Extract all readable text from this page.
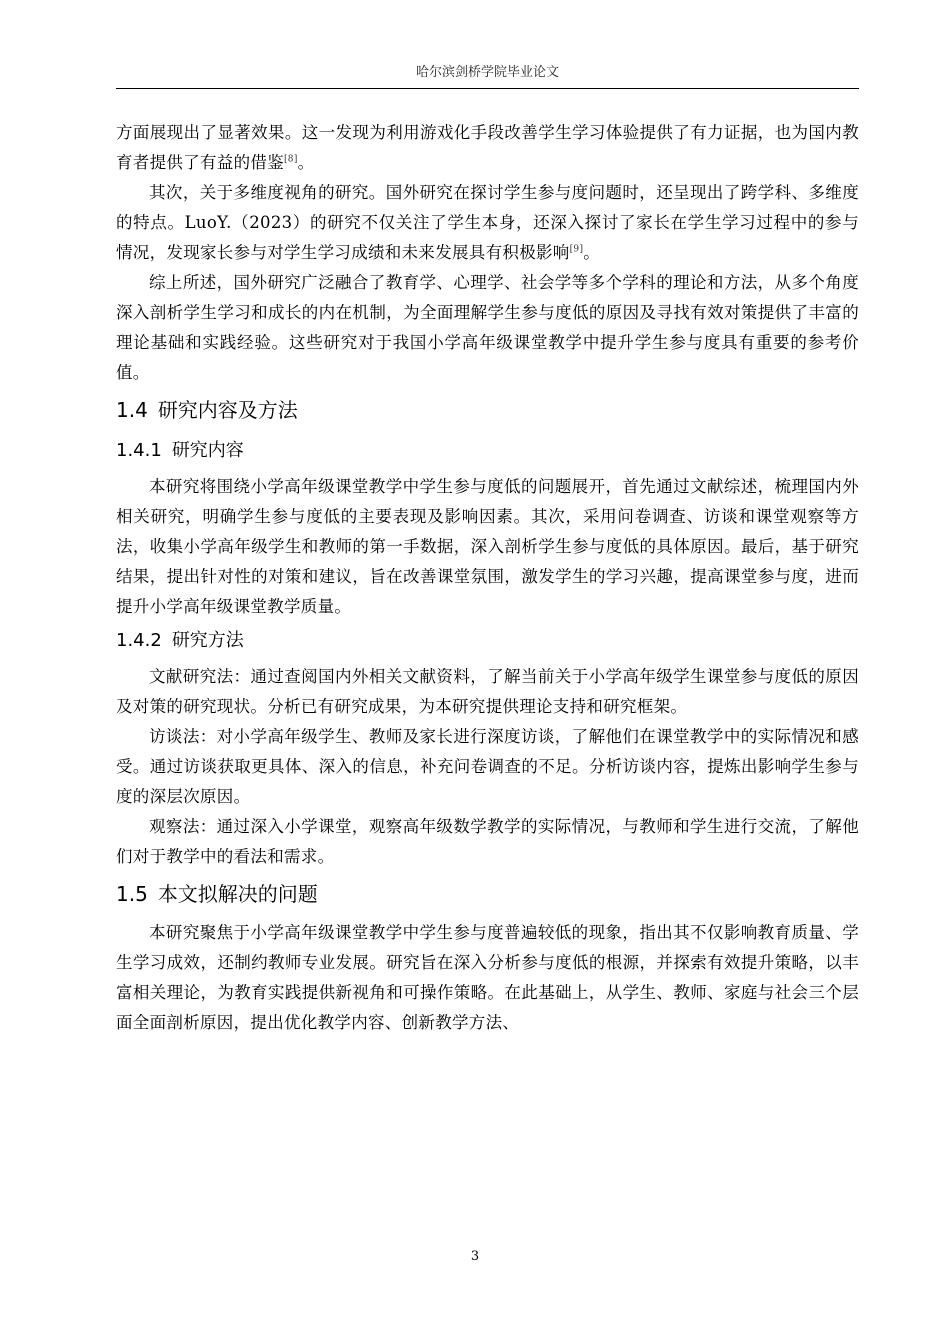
哈尔滨剑桥学院毕业论文

方面展现出了显著效果。这一发现为利用游戏化手段改善学生学习体验提供了有力证据，也为国内教育者提供了有益的借鉴[8]。

其次，关于多维度视角的研究。国外研究在探讨学生参与度问题时，还呈现出了跨学科、多维度的特点。LuoY.（2023）的研究不仅关注了学生本身，还深入探讨了家长在学生学习过程中的参与情况，发现家长参与对学生学习成绩和未来发展具有积极影响[9]。

综上所述，国外研究广泛融合了教育学、心理学、社会学等多个学科的理论和方法，从多个角度深入剖析学生学习和成长的内在机制，为全面理解学生参与度低的原因及寻找有效对策提供了丰富的理论基础和实践经验。这些研究对于我国小学高年级课堂教学中提升学生参与度具有重要的参考价值。

1.4 研究内容及方法
1.4.1 研究内容

本研究将围绕小学高年级课堂教学中学生参与度低的问题展开，首先通过文献综述，梳理国内外相关研究，明确学生参与度低的主要表现及影响因素。其次，采用问卷调查、访谈和课堂观察等方法，收集小学高年级学生和教师的第一手数据，深入剖析学生参与度低的具体原因。最后，基于研究结果，提出针对性的对策和建议，旨在改善课堂氛围，激发学生的学习兴趣，提高课堂参与度，进而提升小学高年级课堂教学质量。

1.4.2 研究方法

文献研究法：通过查阅国内外相关文献资料，了解当前关于小学高年级学生课堂参与度低的原因及对策的研究现状。分析已有研究成果，为本研究提供理论支持和研究框架。

访谈法：对小学高年级学生、教师及家长进行深度访谈，了解他们在课堂教学中的实际情况和感受。通过访谈获取更具体、深入的信息，补充问卷调查的不足。分析访谈内容，提炼出影响学生参与度的深层次原因。

观察法：通过深入小学课堂，观察高年级数学教学的实际情况，与教师和学生进行交流，了解他们对于教学中的看法和需求。

1.5 本文拟解决的问题

本研究聚焦于小学高年级课堂教学中学生参与度普遍较低的现象，指出其不仅影响教育质量、学生学习成效，还制约教师专业发展。研究旨在深入分析参与度低的根源，并探索有效提升策略，以丰富相关理论，为教育实践提供新视角和可操作策略。在此基础上，从学生、教师、家庭与社会三个层面全面剖析原因，提出优化教学内容、创新教学方法、

3
